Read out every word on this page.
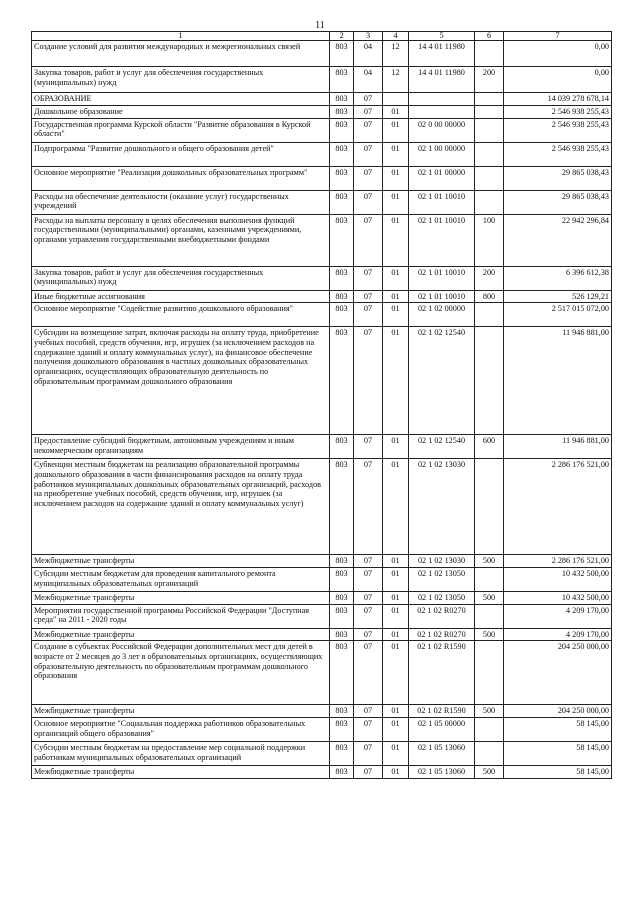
11
1	2	3	4	5	6	7
Создание условий для развития международных и межрегиональных связей	803	04	12	14 4 01 11980		0,00
Закупка товаров, работ и услуг для обеспечения государственных (муниципальных) нужд	803	04	12	14 4 01 11980	200	0,00
ОБРАЗОВАНИЕ	803	07				14 039 278 678,14
Дошкольное образование	803	07	01			2 546 938 255,43
Государственная программа Курской области "Развитие образования в Курской области"	803	07	01	02 0 00 00000		2 546 938 255,43
Подпрограмма "Развитие дошкольного и общего образования детей"	803	07	01	02 1 00 00000		2 546 938 255,43
Основное мероприятие "Реализация дошкольных образовательных программ"	803	07	01	02 1 01 00000		29 865 038,43
Расходы на обеспечение деятельности (оказание услуг) государственных учреждений	803	07	01	02 1 01 10010		29 865 038,43
Расходы на выплаты персоналу в целях обеспечения выполнения функций государственными (муниципальными) органами, казенными учреждениями, органами управления государственными внебюджетными фондами	803	07	01	02 1 01 10010	100	22 942 296,84
Закупка товаров, работ и услуг для обеспечения государственных (муниципальных) нужд	803	07	01	02 1 01 10010	200	6 396 612,38
Иные бюджетные ассигнования	803	07	01	02 1 01 10010	800	526 129,21
Основное мероприятие "Содействие развитию дошкольного образования"	803	07	01	02 1 02 00000		2 517 015 072,00
Субсидии на возмещение затрат, включая расходы на оплату труда, приобретение учебных пособий, средств обучения, игр, игрушек (за исключением расходов на содержание зданий и оплату коммунальных услуг), на финансовое обеспечение получения дошкольного образования в частных дошкольных образовательных организациях, осуществляющих образовательную деятельность по образовательным программам дошкольного образования	803	07	01	02 1 02 12540		11 946 881,00
Предоставление субсидий бюджетным, автономным учреждениям и иным некоммерческим организациям	803	07	01	02 1 02 12540	600	11 946 881,00
Субвенции местным бюджетам на реализацию образовательной программы дошкольного образования в части финансирования расходов на оплату труда работников муниципальных дошкольных образовательных организаций, расходов на приобретение учебных пособий, средств обучения, игр, игрушек (за исключением расходов на содержание зданий и оплату коммунальных услуг)	803	07	01	02 1 02 13030		2 286 176 521,00
Межбюджетные трансферты	803	07	01	02 1 02 13030	500	2 286 176 521,00
Субсидии местным бюджетам для проведения капитального ремонта муниципальных образовательных организаций	803	07	01	02 1 02 13050		10 432 500,00
Межбюджетные трансферты	803	07	01	02 1 02 13050	500	10 432 500,00
Мероприятия государственной программы Российской Федерации "Доступная среда" на 2011 - 2020 годы	803	07	01	02 1 02 R0270		4 209 170,00
Межбюджетные трансферты	803	07	01	02 1 02 R0270	500	4 209 170,00
Создание в субъектах Российской Федерации дополнительных мест для детей в возрасте от 2 месяцев до 3 лет в образовательных организациях, осуществляющих образовательную деятельность по образовательным программам дошкольного образования	803	07	01	02 1 02 R1590		204 250 000,00
Межбюджетные трансферты	803	07	01	02 1 02 R1590	500	204 250 000,00
Основное мероприятие "Социальная поддержка работников образовательных организаций общего образования"	803	07	01	02 1 05 00000		58 145,00
Субсидии местным бюджетам на предоставление мер социальной поддержки работникам муниципальных образовательных организаций	803	07	01	02 1 05 13060		58 145,00
Межбюджетные трансферты	803	07	01	02 1 05 13060	500	58 145,00
